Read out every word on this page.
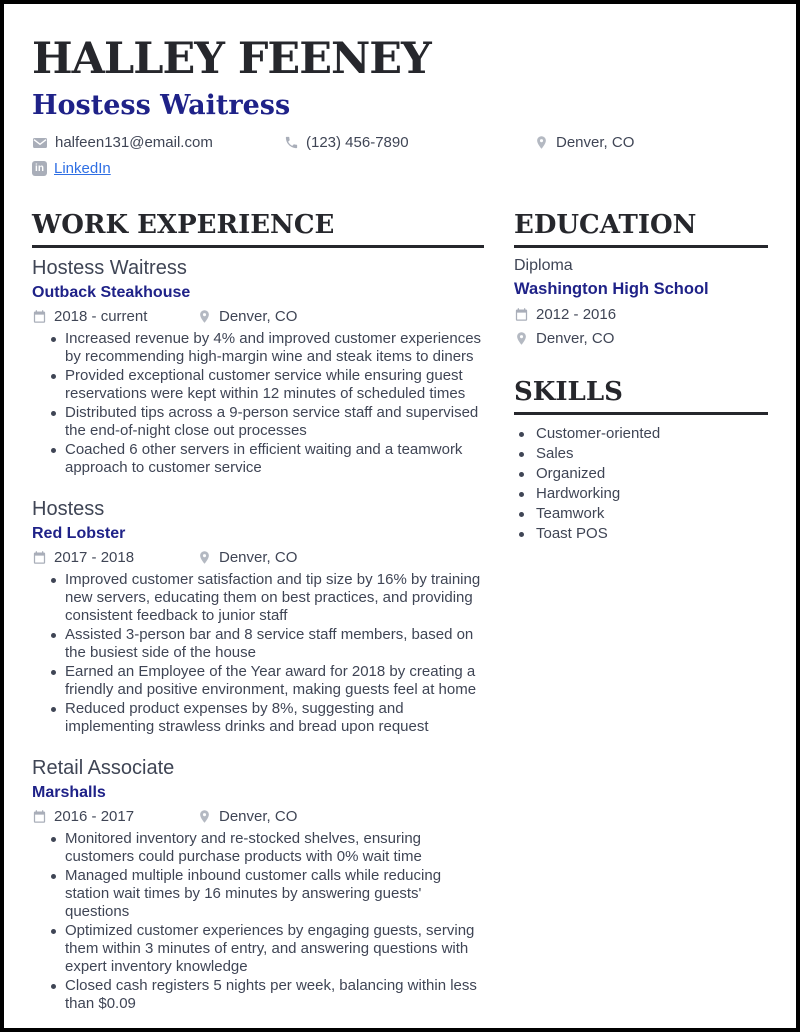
HALLEY FEENEY
Hostess Waitress
halfeen131@email.com	(123) 456-7890	Denver, CO
in LinkedIn
WORK EXPERIENCE
Hostess Waitress
Outback Steakhouse
2018 - current	Denver, CO
Increased revenue by 4% and improved customer experiences by recommending high-margin wine and steak items to diners
Provided exceptional customer service while ensuring guest reservations were kept within 12 minutes of scheduled times
Distributed tips across a 9-person service staff and supervised the end-of-night close out processes
Coached 6 other servers in efficient waiting and a teamwork approach to customer service
Hostess
Red Lobster
2017 - 2018	Denver, CO
Improved customer satisfaction and tip size by 16% by training new servers, educating them on best practices, and providing consistent feedback to junior staff
Assisted 3-person bar and 8 service staff members, based on the busiest side of the house
Earned an Employee of the Year award for 2018 by creating a friendly and positive environment, making guests feel at home
Reduced product expenses by 8%, suggesting and implementing strawless drinks and bread upon request
Retail Associate
Marshalls
2016 - 2017	Denver, CO
Monitored inventory and re-stocked shelves, ensuring customers could purchase products with 0% wait time
Managed multiple inbound customer calls while reducing station wait times by 16 minutes by answering guests' questions
Optimized customer experiences by engaging guests, serving them within 3 minutes of entry, and answering questions with expert inventory knowledge
Closed cash registers 5 nights per week, balancing within less than $0.09
EDUCATION
Diploma
Washington High School
2012 - 2016
Denver, CO
SKILLS
Customer-oriented
Sales
Organized
Hardworking
Teamwork
Toast POS
